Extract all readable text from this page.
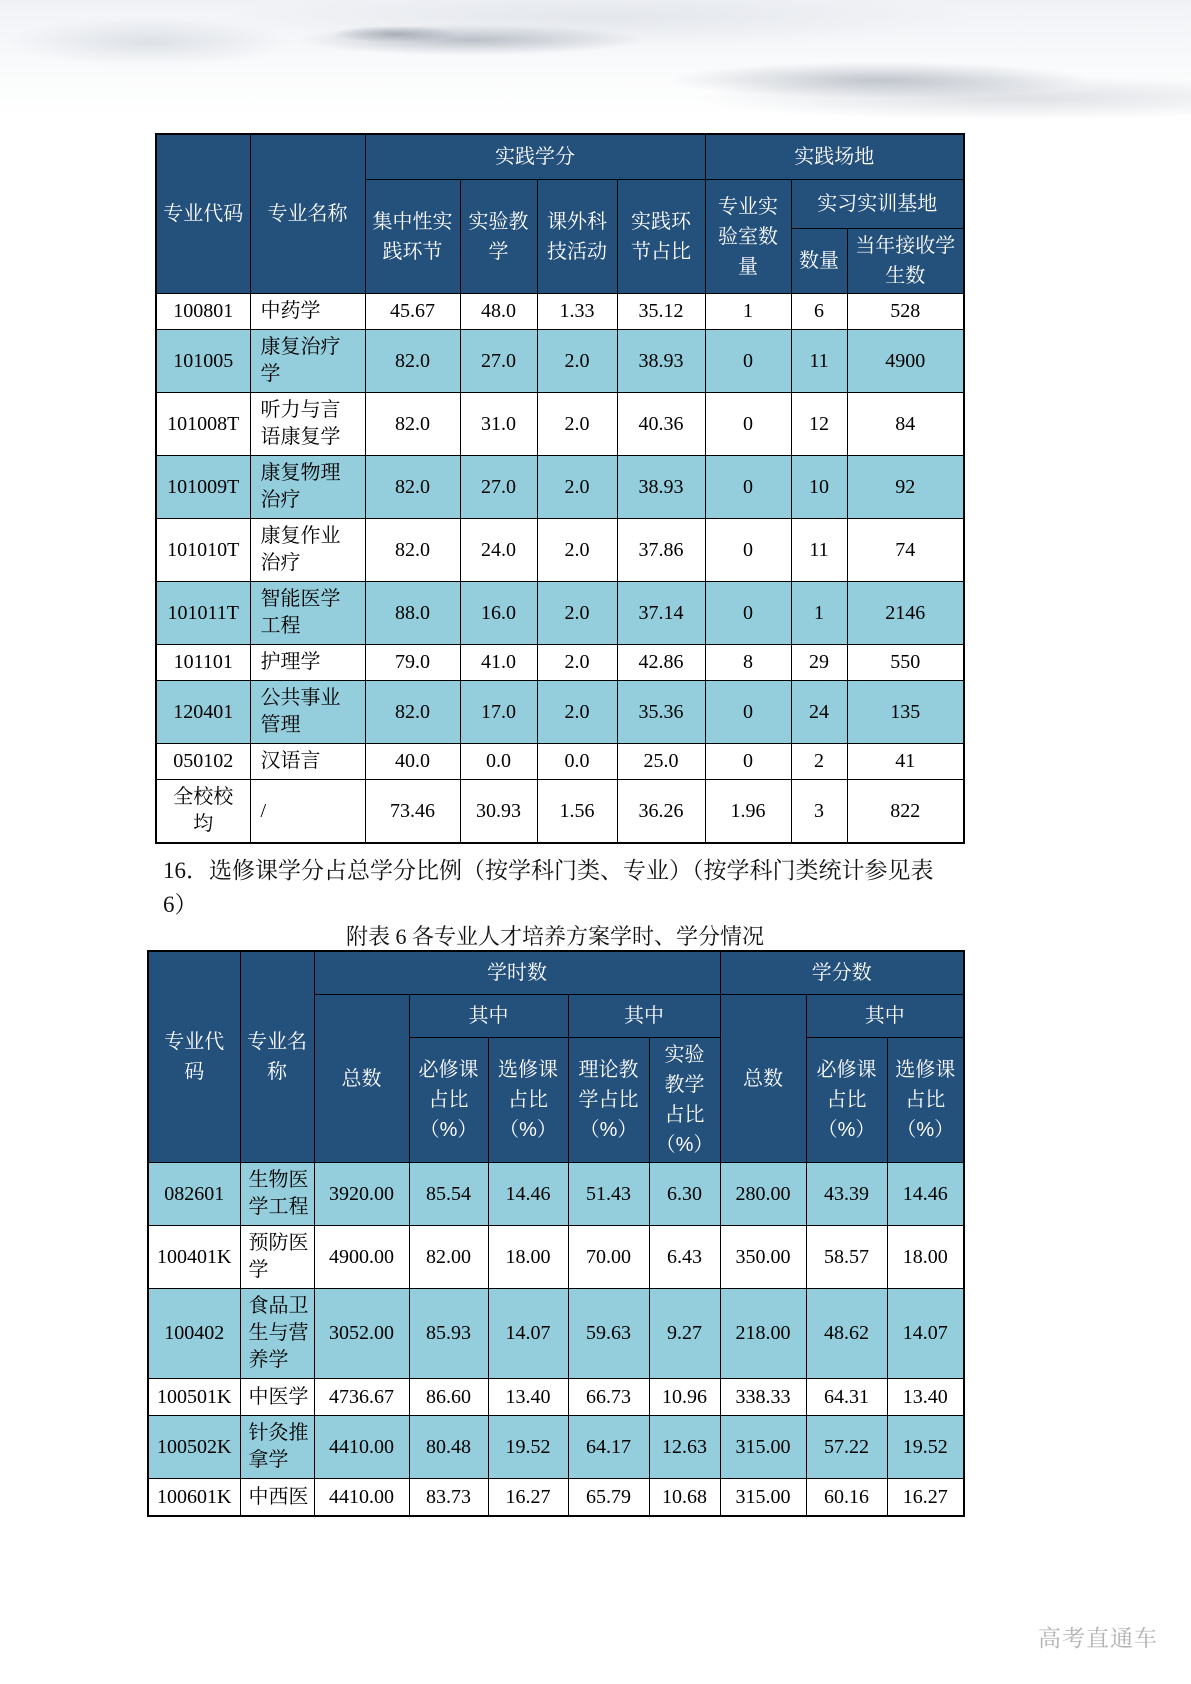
专业代码	专业名称	实践学分				实践场地		
		集中性实践环节	实验教学	课外科技活动	实践环节占比	专业实验室数量	实习实训基地	
							数量	当年接收学生数
100801	中药学	45.67	48.0	1.33	35.12	1	6	528
101005	康复治疗学	82.0	27.0	2.0	38.93	0	11	4900
101008T	听力与言语康复学	82.0	31.0	2.0	40.36	0	12	84
101009T	康复物理治疗	82.0	27.0	2.0	38.93	0	10	92
101010T	康复作业治疗	82.0	24.0	2.0	37.86	0	11	74
101011T	智能医学工程	88.0	16.0	2.0	37.14	0	1	2146
101101	护理学	79.0	41.0	2.0	42.86	8	29	550
120401	公共事业管理	82.0	17.0	2.0	35.36	0	24	135
050102	汉语言	40.0	0.0	0.0	25.0	0	2	41
全校校均	/	73.46	30.93	1.56	36.26	1.96	3	822
16．选修课学分占总学分比例（按学科门类、专业）（按学科门类统计参见表
6）
附表 6 各专业人才培养方案学时、学分情况
专业代码	专业名称	学时数					学分数		
		总数	其中		其中		总数	其中	
			必修课占比（%）	选修课占比（%）	理论教学占比（%）	实验教学占比（%）		必修课占比（%）	选修课占比（%）
082601	生物医学工程	3920.00	85.54	14.46	51.43	6.30	280.00	43.39	14.46
100401K	预防医学	4900.00	82.00	18.00	70.00	6.43	350.00	58.57	18.00
100402	食品卫生与营养学	3052.00	85.93	14.07	59.63	9.27	218.00	48.62	14.07
100501K	中医学	4736.67	86.60	13.40	66.73	10.96	338.33	64.31	13.40
100502K	针灸推拿学	4410.00	80.48	19.52	64.17	12.63	315.00	57.22	19.52
100601K	中西医	4410.00	83.73	16.27	65.79	10.68	315.00	60.16	16.27
高考直通车
